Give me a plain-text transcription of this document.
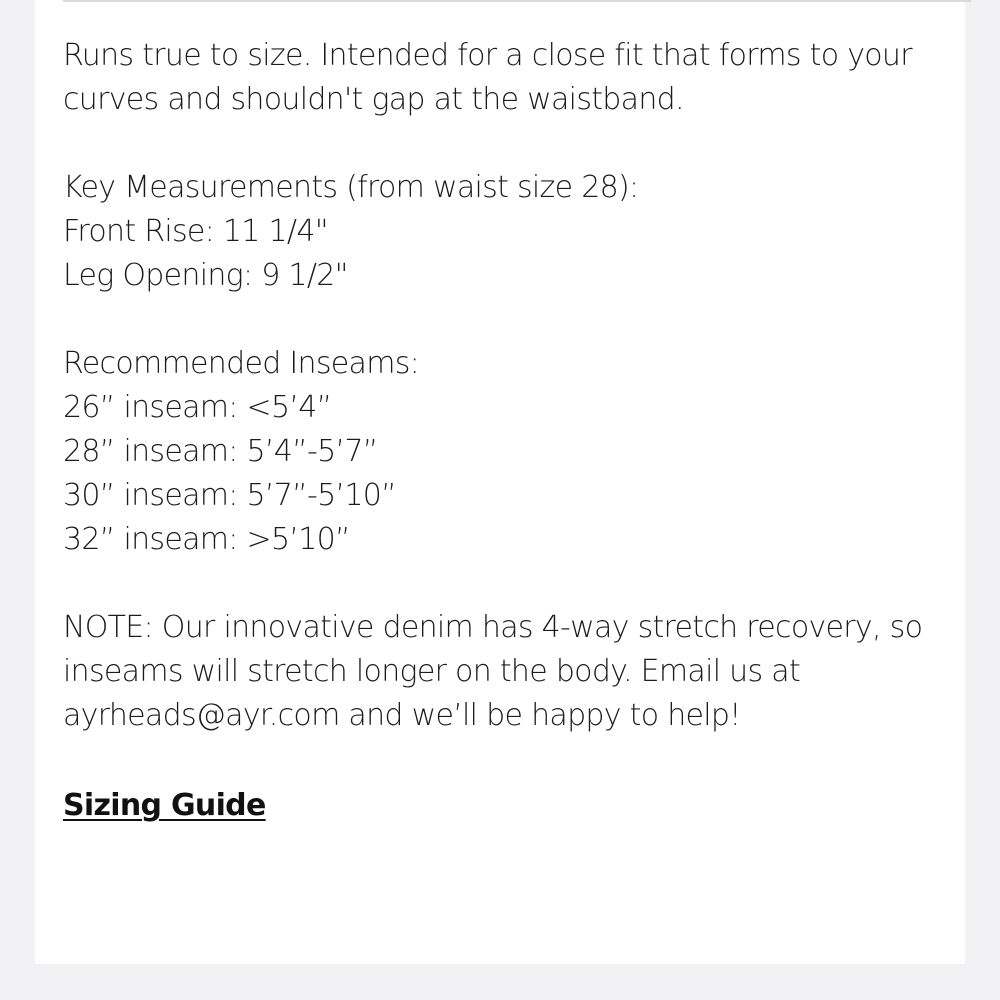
Runs true to size. Intended for a close fit that forms to your
curves and shouldn't gap at the waistband.
Key Measurements (from waist size 28):
Front Rise: 11 1/4"
Leg Opening: 9 1/2"
Recommended Inseams:
26” inseam: <5’4”
28” inseam: 5’4”-5’7”
30” inseam: 5’7”-5’10”
32” inseam: >5’10”
NOTE: Our innovative denim has 4-way stretch recovery, so
inseams will stretch longer on the body. Email us at
ayrheads@ayr.com and we’ll be happy to help!
Sizing Guide
